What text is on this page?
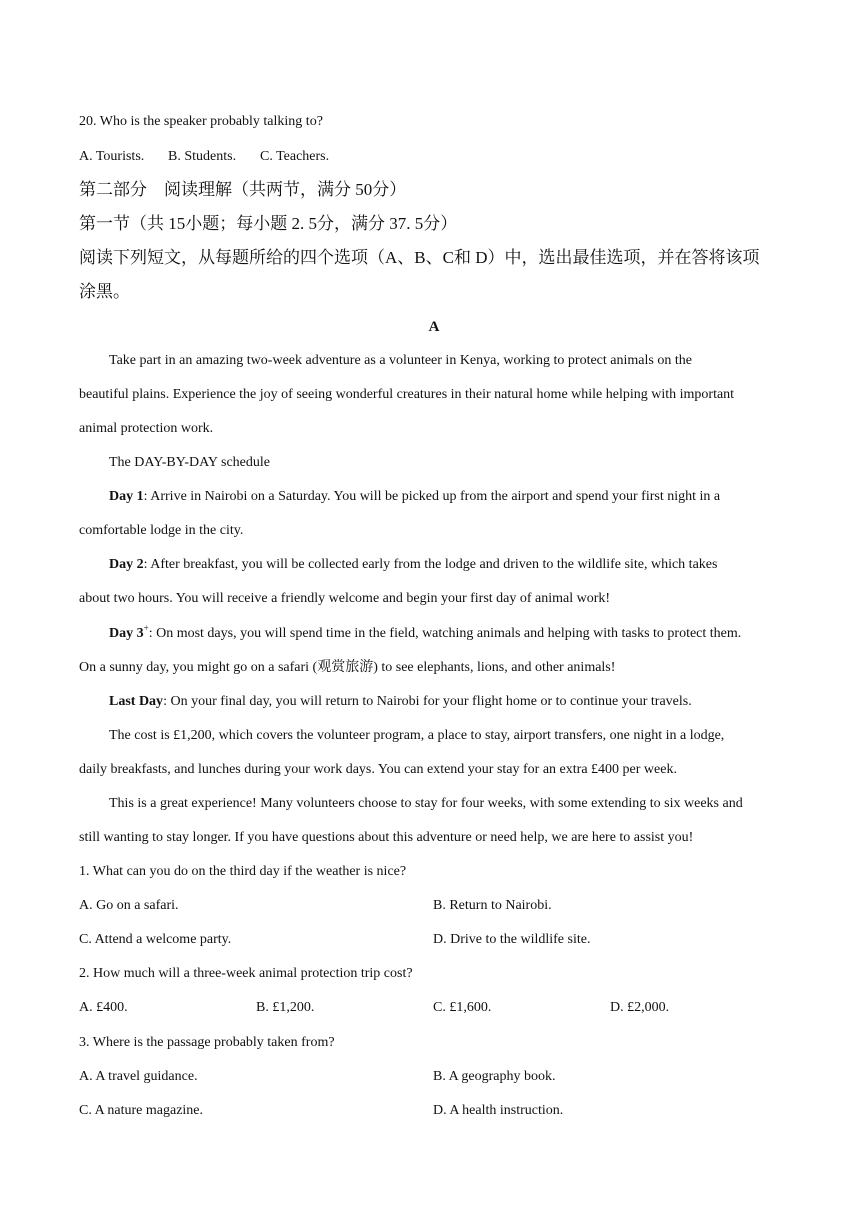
20. Who is the speaker probably talking to?
A. Tourists. B. Students. C. Teachers.
第二部分　阅读理解（共两节，满分 50分）
第一节（共 15小题；每小题 2. 5分，满分 37. 5分）
阅读下列短文，从每题所给的四个选项（A、B、C和 D）中，选出最佳选项，并在答将该项
涂黑。
A
Take part in an amazing two-week adventure as a volunteer in Kenya, working to protect animals on the
beautiful plains. Experience the joy of seeing wonderful creatures in their natural home while helping with important
animal protection work.
The DAY-BY-DAY schedule
Day 1: Arrive in Nairobi on a Saturday. You will be picked up from the airport and spend your first night in a
comfortable lodge in the city.
Day 2: After breakfast, you will be collected early from the lodge and driven to the wildlife site, which takes
about two hours. You will receive a friendly welcome and begin your first day of animal work!
Day 3+: On most days, you will spend time in the field, watching animals and helping with tasks to protect them.
On a sunny day, you might go on a safari (观赏旅游) to see elephants, lions, and other animals!
Last Day: On your final day, you will return to Nairobi for your flight home or to continue your travels.
The cost is £1,200, which covers the volunteer program, a place to stay, airport transfers, one night in a lodge,
daily breakfasts, and lunches during your work days. You can extend your stay for an extra £400 per week.
This is a great experience! Many volunteers choose to stay for four weeks, with some extending to six weeks and
still wanting to stay longer. If you have questions about this adventure or need help, we are here to assist you!
1. What can you do on the third day if the weather is nice?
A. Go on a safari.	B. Return to Nairobi.
C. Attend a welcome party.	D. Drive to the wildlife site.
2. How much will a three-week animal protection trip cost?
A. £400.	B. £1,200.	C. £1,600.	D. £2,000.
3. Where is the passage probably taken from?
A. A travel guidance.	B. A geography book.
C. A nature magazine.	D. A health instruction.
